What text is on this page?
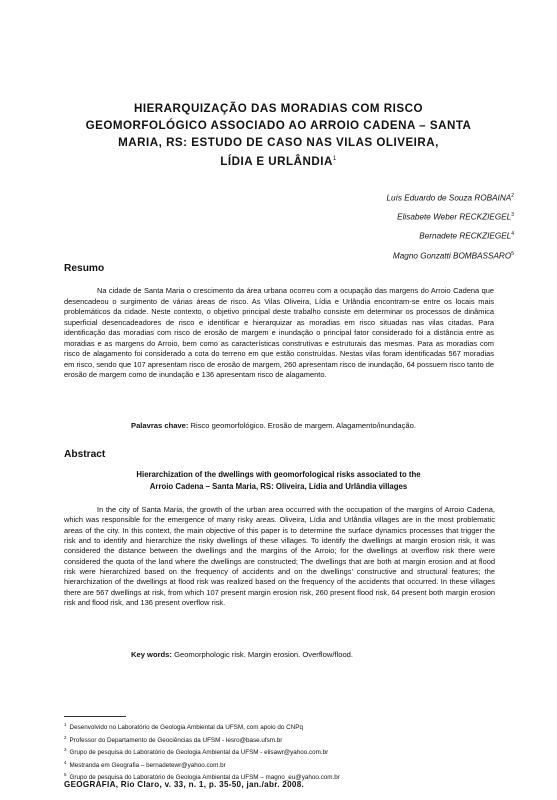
HIERARQUIZAÇÃO DAS MORADIAS COM RISCO
GEOMORFOLÓGICO ASSOCIADO AO ARROIO CADENA – SANTA
MARIA, RS: ESTUDO DE CASO NAS VILAS OLIVEIRA,
LÍDIA E URLÂNDIA$^1$
Luís Eduardo de Souza ROBAINA$^2$
Elisabete Weber RECKZIEGEL$^3$
Bernadete RECKZIEGEL$^4$
Magno Gonzatti BOMBASSARO$^5$
Resumo
Na cidade de Santa Maria o crescimento da área urbana ocorreu com a ocupação das margens do Arroio Cadena que desencadeou o surgimento de várias áreas de risco. As Vilas Oliveira, Lídia e Urlândia encontram-se entre os locais mais problemáticos da cidade. Neste contexto, o objetivo principal deste trabalho consiste em determinar os processos de dinâmica superficial desencadeadores de risco e identificar e hierarquizar as moradias em risco situadas nas vilas citadas. Para identificação das moradias com risco de erosão de margem e inundação o principal fator considerado foi a distância entre as moradias e as margens do Arroio, bem como as características construtivas e estruturais das mesmas. Para as moradias com risco de alagamento foi considerado a cota do terreno em que estão construídas. Nestas vilas foram identificadas 567 moradias em risco, sendo que 107 apresentam risco de erosão de margem, 260 apresentam risco de inundação, 64 possuem risco tanto de erosão de margem como de inundação e 136 apresentam risco de alagamento.
Palavras chave: Risco geomorfológico. Erosão de margem. Alagamento/inundação.
Abstract
Hierarchization of the dwellings with geomorfological risks associated to the
Arroio Cadena – Santa Maria, RS: Oliveira, Lídia and Urlândia villages
In the city of Santa Maria, the growth of the urban area occurred with the occupation of the margins of Arroio Cadena, which was responsible for the emergence of many risky areas. Oliveira, Lídia and Urlândia villages are in the most problematic areas of the city. In this context, the main objective of this paper is to determine the surface dynamics processes that trigger the risk and to identify and hierarchize the risky dwellings of these villages. To identify the dwellings at margin erosion risk, it was considered the distance between the dwellings and the margins of the Arroio; for the dwellings at overflow risk there were considered the quota of the land where the dwellings are constructed; The dwellings that are both at margin erosion and at flood risk were hierarchized based on the frequency of accidents and on the dwellings’ constructive and structural features; the hierarchization of the dwellings at flood risk was realized based on the frequency of the accidents that occurred. In these villages there are 567 dwellings at risk, from which 107 present margin erosion risk, 260 present flood risk, 64 present both margin erosion risk and flood risk, and 136 present overflow risk.
Key words: Geomorphologic risk. Margin erosion. Overflow/flood.
$^1$ Desenvolvido no Laboratório de Geologia Ambiental da UFSM, com apoio do CNPq
$^2$ Professor do Departamento de Geociências da UFSM - lesro@base.ufsm.br
$^3$ Grupo de pesquisa do Laboratório de Geologia Ambiental da UFSM - elisawr@yahoo.com.br
$^4$ Mestranda em Geografia – bernadetewr@yahoo.com.br
$^5$ Grupo de pesquisa do Laboratório de Geologia Ambiental da UFSM – magno_eu@yahoo.com.br
GEOGRAFIA, Rio Claro, v. 33, n. 1, p. 35-50, jan./abr. 2008.
